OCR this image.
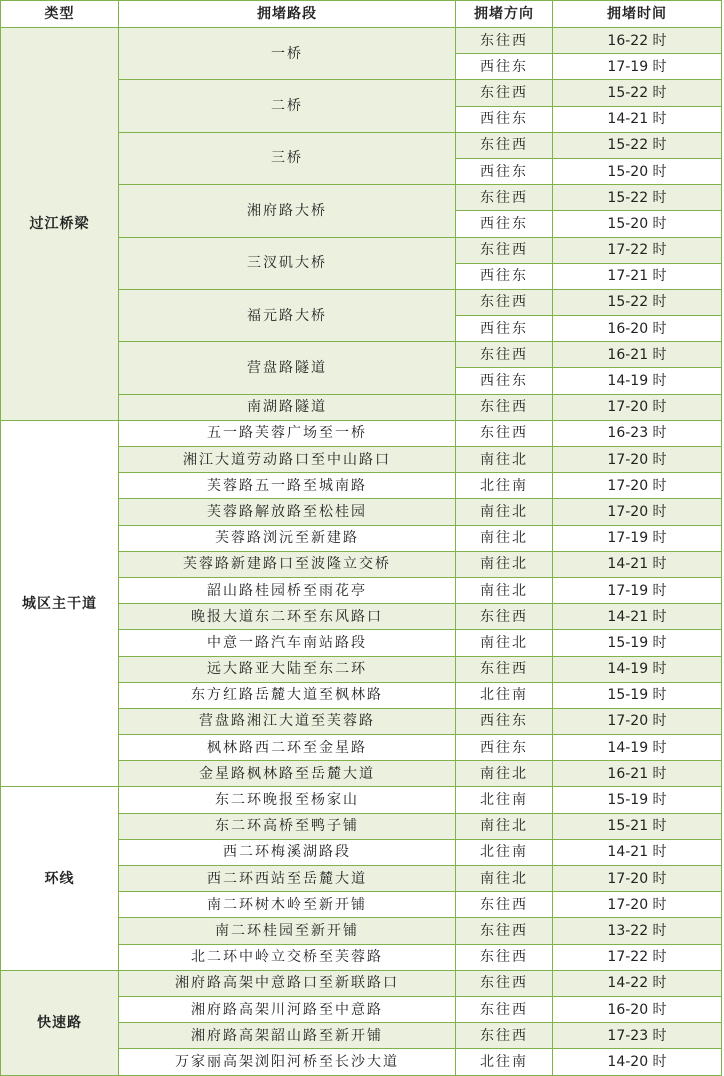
类型	拥堵路段	拥堵方向	拥堵时间
过江桥梁	一桥	东往西	16-22 时
		西往东	17-19 时
	二桥	东往西	15-22 时
		西往东	14-21 时
	三桥	东往西	15-22 时
		西往东	15-20 时
	湘府路大桥	东往西	15-22 时
		西往东	15-20 时
	三汊矶大桥	东往西	17-22 时
		西往东	17-21 时
	福元路大桥	东往西	15-22 时
		西往东	16-20 时
	营盘路隧道	东往西	16-21 时
		西往东	14-19 时
	南湖路隧道	东往西	17-20 时
城区主干道	五一路芙蓉广场至一桥	东往西	16-23 时
	湘江大道劳动路口至中山路口	南往北	17-20 时
	芙蓉路五一路至城南路	北往南	17-20 时
	芙蓉路解放路至松桂园	南往北	17-20 时
	芙蓉路浏沅至新建路	南往北	17-19 时
	芙蓉路新建路口至波隆立交桥	南往北	14-21 时
	韶山路桂园桥至雨花亭	南往北	17-19 时
	晚报大道东二环至东风路口	东往西	14-21 时
	中意一路汽车南站路段	南往北	15-19 时
	远大路亚大陆至东二环	东往西	14-19 时
	东方红路岳麓大道至枫林路	北往南	15-19 时
	营盘路湘江大道至芙蓉路	西往东	17-20 时
	枫林路西二环至金星路	西往东	14-19 时
	金星路枫林路至岳麓大道	南往北	16-21 时
环线	东二环晚报至杨家山	北往南	15-19 时
	东二环高桥至鸭子铺	南往北	15-21 时
	西二环梅溪湖路段	北往南	14-21 时
	西二环西站至岳麓大道	南往北	17-20 时
	南二环树木岭至新开铺	东往西	17-20 时
	南二环桂园至新开铺	东往西	13-22 时
	北二环中岭立交桥至芙蓉路	东往西	17-22 时
快速路	湘府路高架中意路口至新联路口	东往西	14-22 时
	湘府路高架川河路至中意路	东往西	16-20 时
	湘府路高架韶山路至新开铺	东往西	17-23 时
	万家丽高架浏阳河桥至长沙大道	北往南	14-20 时
